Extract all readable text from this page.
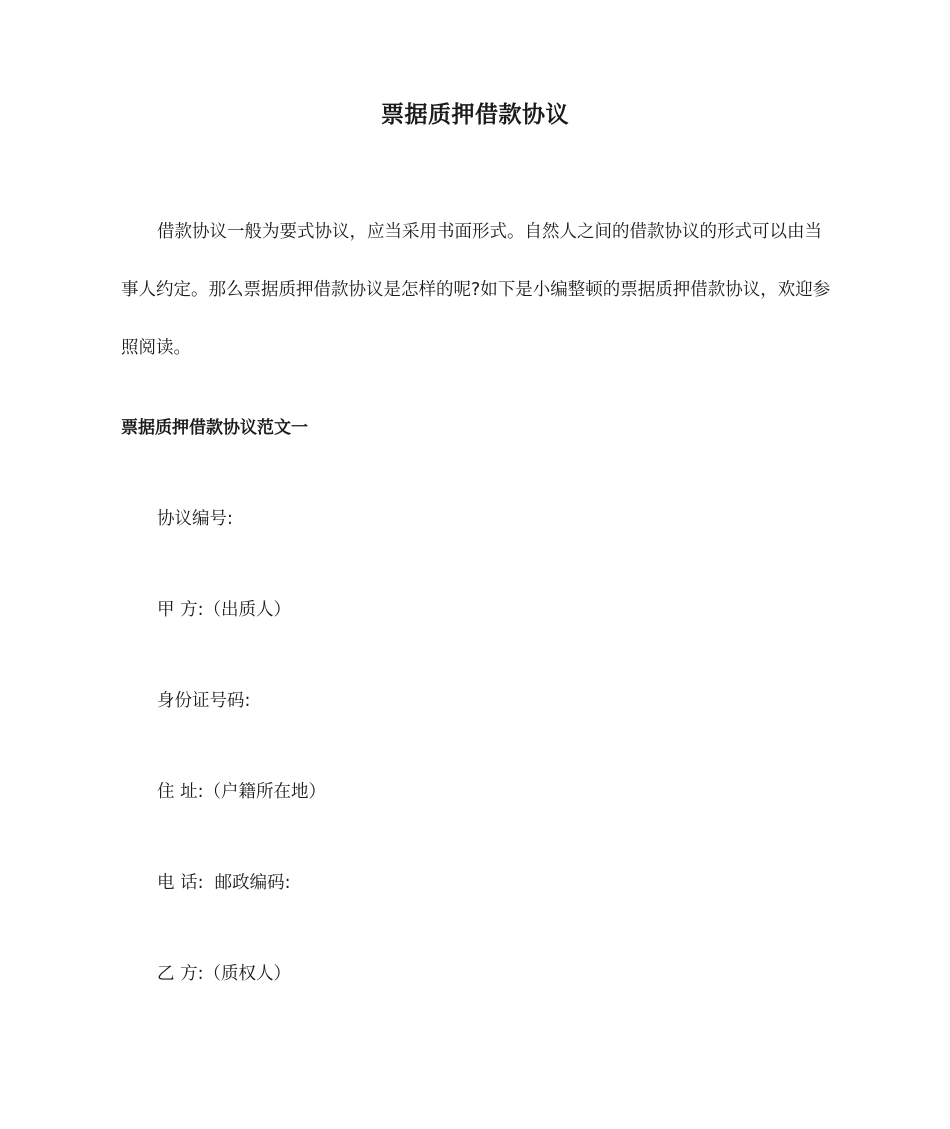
票据质押借款协议

借款协议一般为要式协议，应当采用书面形式。自然人之间的借款协议的形式可以由当事人约定。那么票据质押借款协议是怎样的呢?如下是小编整顿的票据质押借款协议，欢迎参照阅读。

票据质押借款协议范文一
协议编号:
甲 方:（出质人）
身份证号码:
住 址:（户籍所在地）
电 话:  邮政编码:
乙 方:（质权人）
